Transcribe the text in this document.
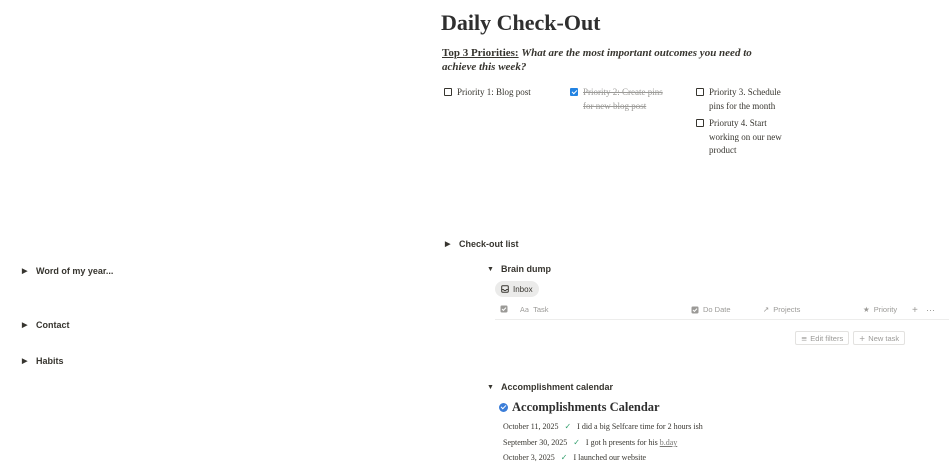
▶ Word of my year...
▶ Contact
▶ Habits
Daily Check-Out
Top 3 Priorities: What are the most important outcomes you need to achieve this week?
Priority 1: Blog post	Priority 2: Create pins for new blog post
Priority 3. Schedule pins for the month
Prioruty 4. Start working on our new product
▶ Check-out list
▼ Brain dump
Inbox
Aa Task	Do Date	↗ Projects	★ Priority + ⋯
≡ Edit filters + New task
▼ Accomplishment calendar
Accomplishments Calendar
October 11, 2025 ✓ I did a big Selfcare time for 2 hours ish
September 30, 2025 ✓ I got h presents for his b.day
October 3, 2025 ✓ I launched our website
